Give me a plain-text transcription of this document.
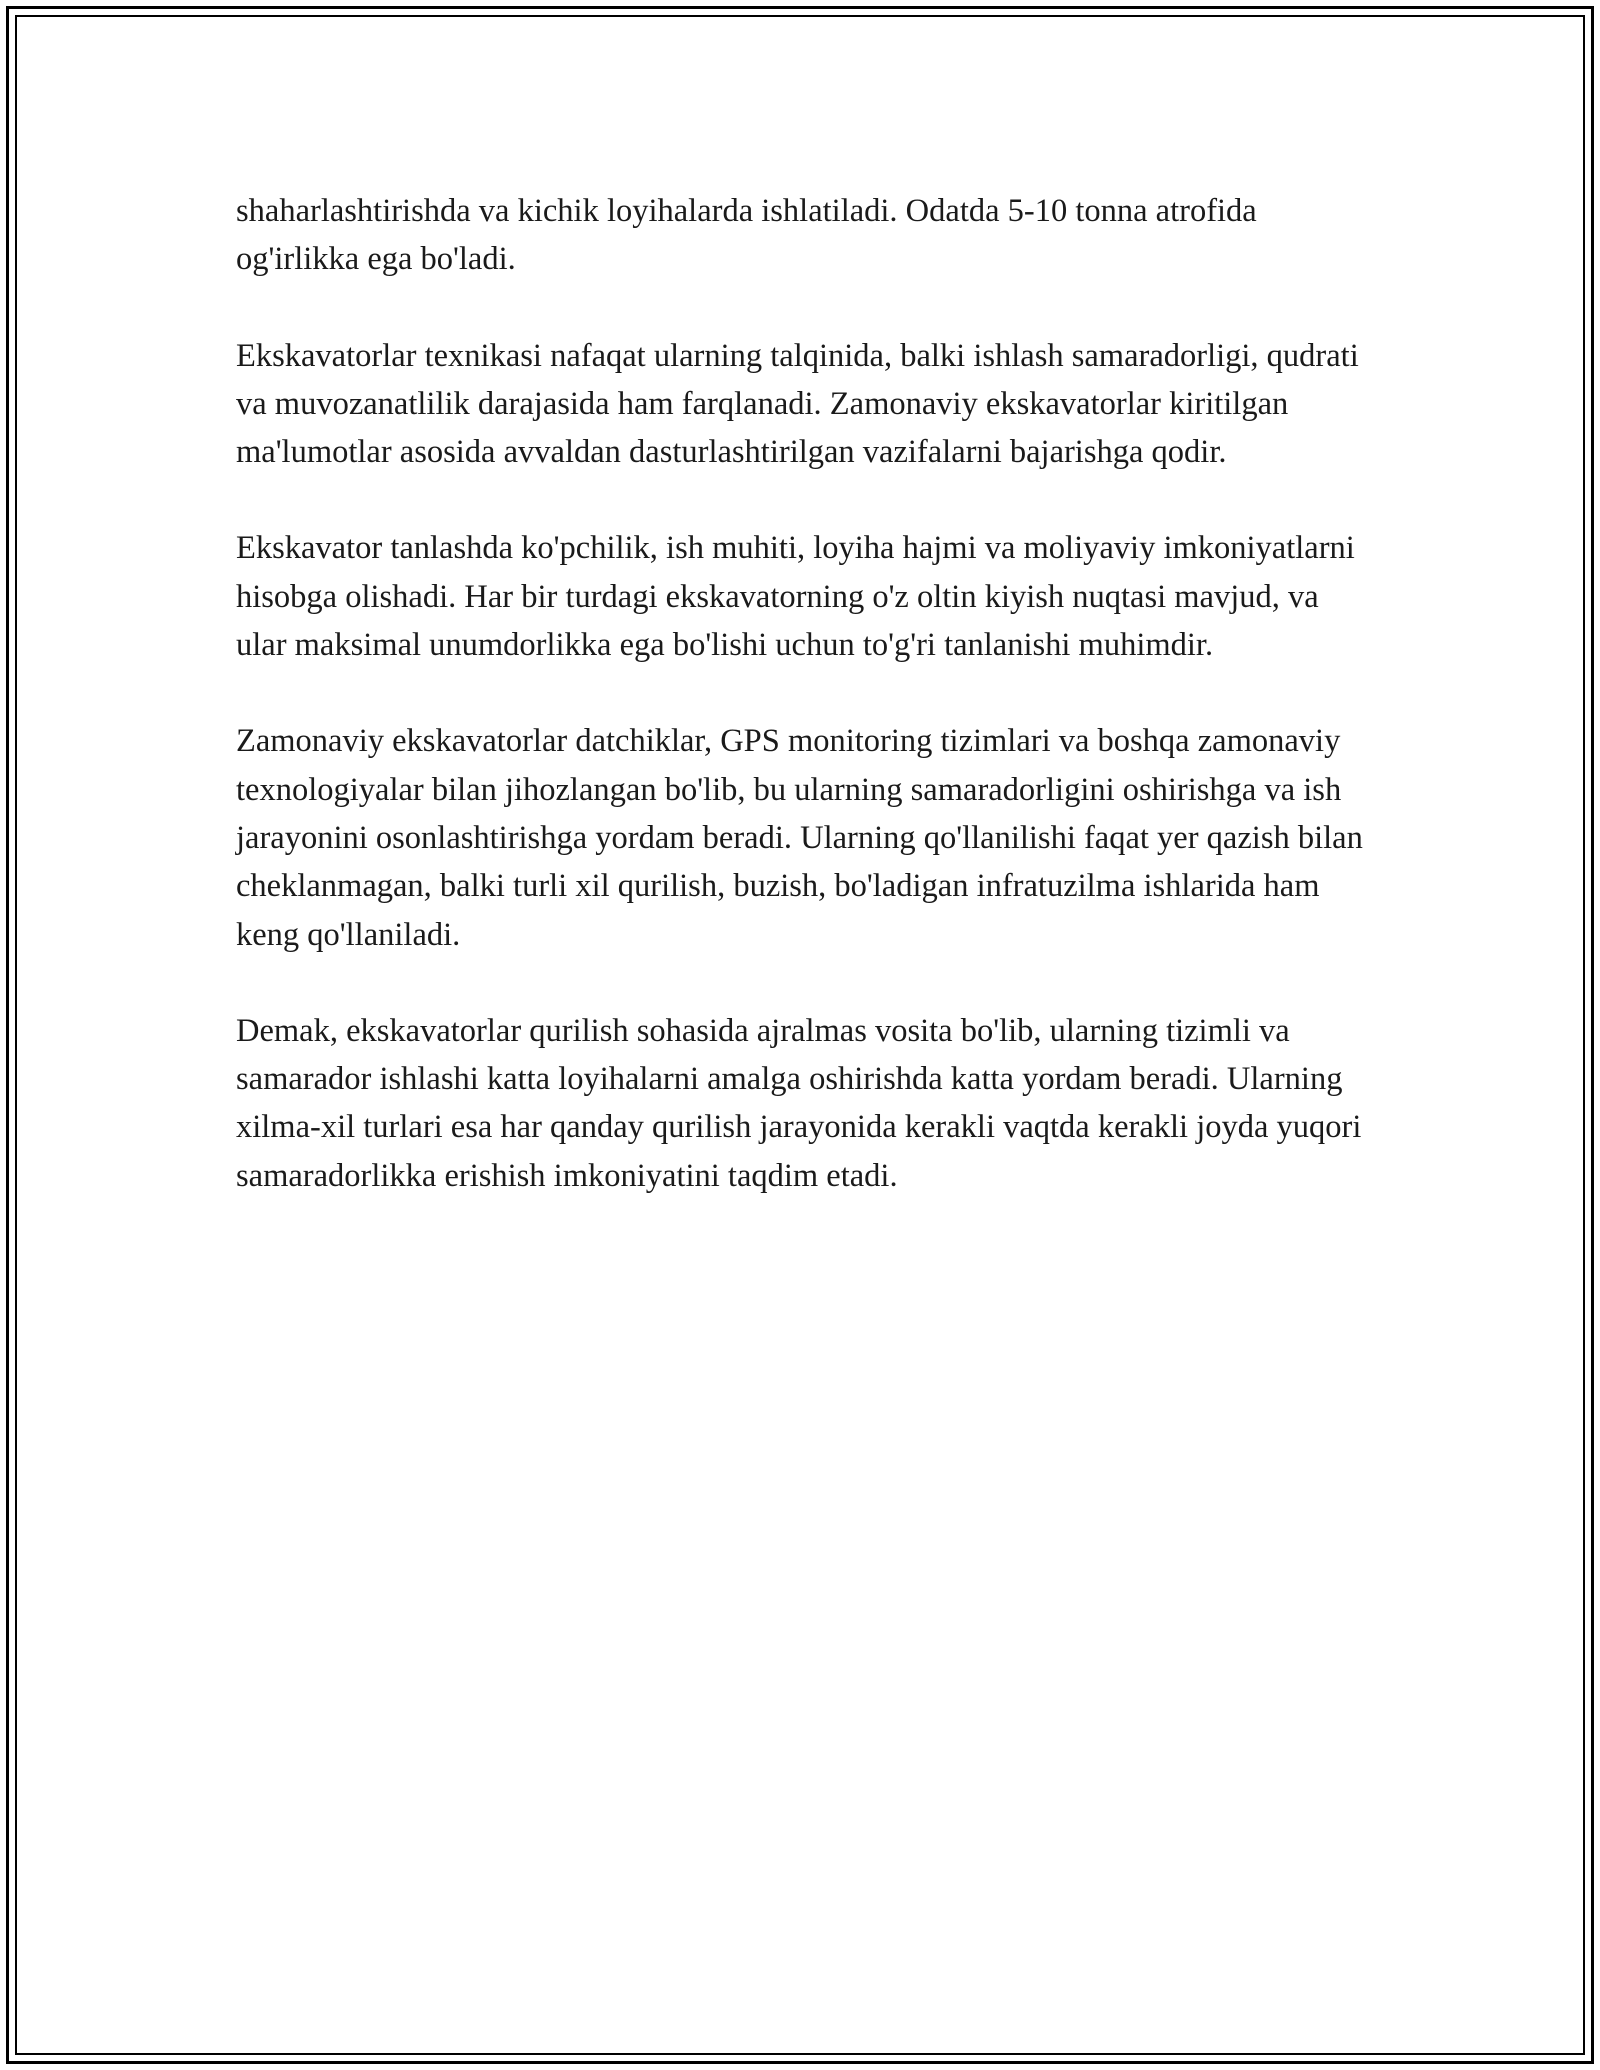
shaharlashtirishda va kichik loyihalarda ishlatiladi. Odatda 5-10 tonna atrofida og'irlikka ega bo'ladi.

Ekskavatorlar texnikasi nafaqat ularning talqinida, balki ishlash samaradorligi, qudrati va muvozanatlilik darajasida ham farqlanadi. Zamonaviy ekskavatorlar kiritilgan ma'lumotlar asosida avvaldan dasturlashtirilgan vazifalarni bajarishga qodir.

Ekskavator tanlashda ko'pchilik, ish muhiti, loyiha hajmi va moliyaviy imkoniyatlarni hisobga olishadi. Har bir turdagi ekskavatorning o'z oltin kiyish nuqtasi mavjud, va ular maksimal unumdorlikka ega bo'lishi uchun to'g'ri tanlanishi muhimdir.

Zamonaviy ekskavatorlar datchiklar, GPS monitoring tizimlari va boshqa zamonaviy texnologiyalar bilan jihozlangan bo'lib, bu ularning samaradorligini oshirishga va ish jarayonini osonlashtirishga yordam beradi. Ularning qo'llanilishi faqat yer qazish bilan cheklanmagan, balki turli xil qurilish, buzish, bo'ladigan infratuzilma ishlarida ham keng qo'llaniladi.

Demak, ekskavatorlar qurilish sohasida ajralmas vosita bo'lib, ularning tizimli va samarador ishlashi katta loyihalarni amalga oshirishda katta yordam beradi. Ularning xilma-xil turlari esa har qanday qurilish jarayonida kerakli vaqtda kerakli joyda yuqori samaradorlikka erishish imkoniyatini taqdim etadi.
